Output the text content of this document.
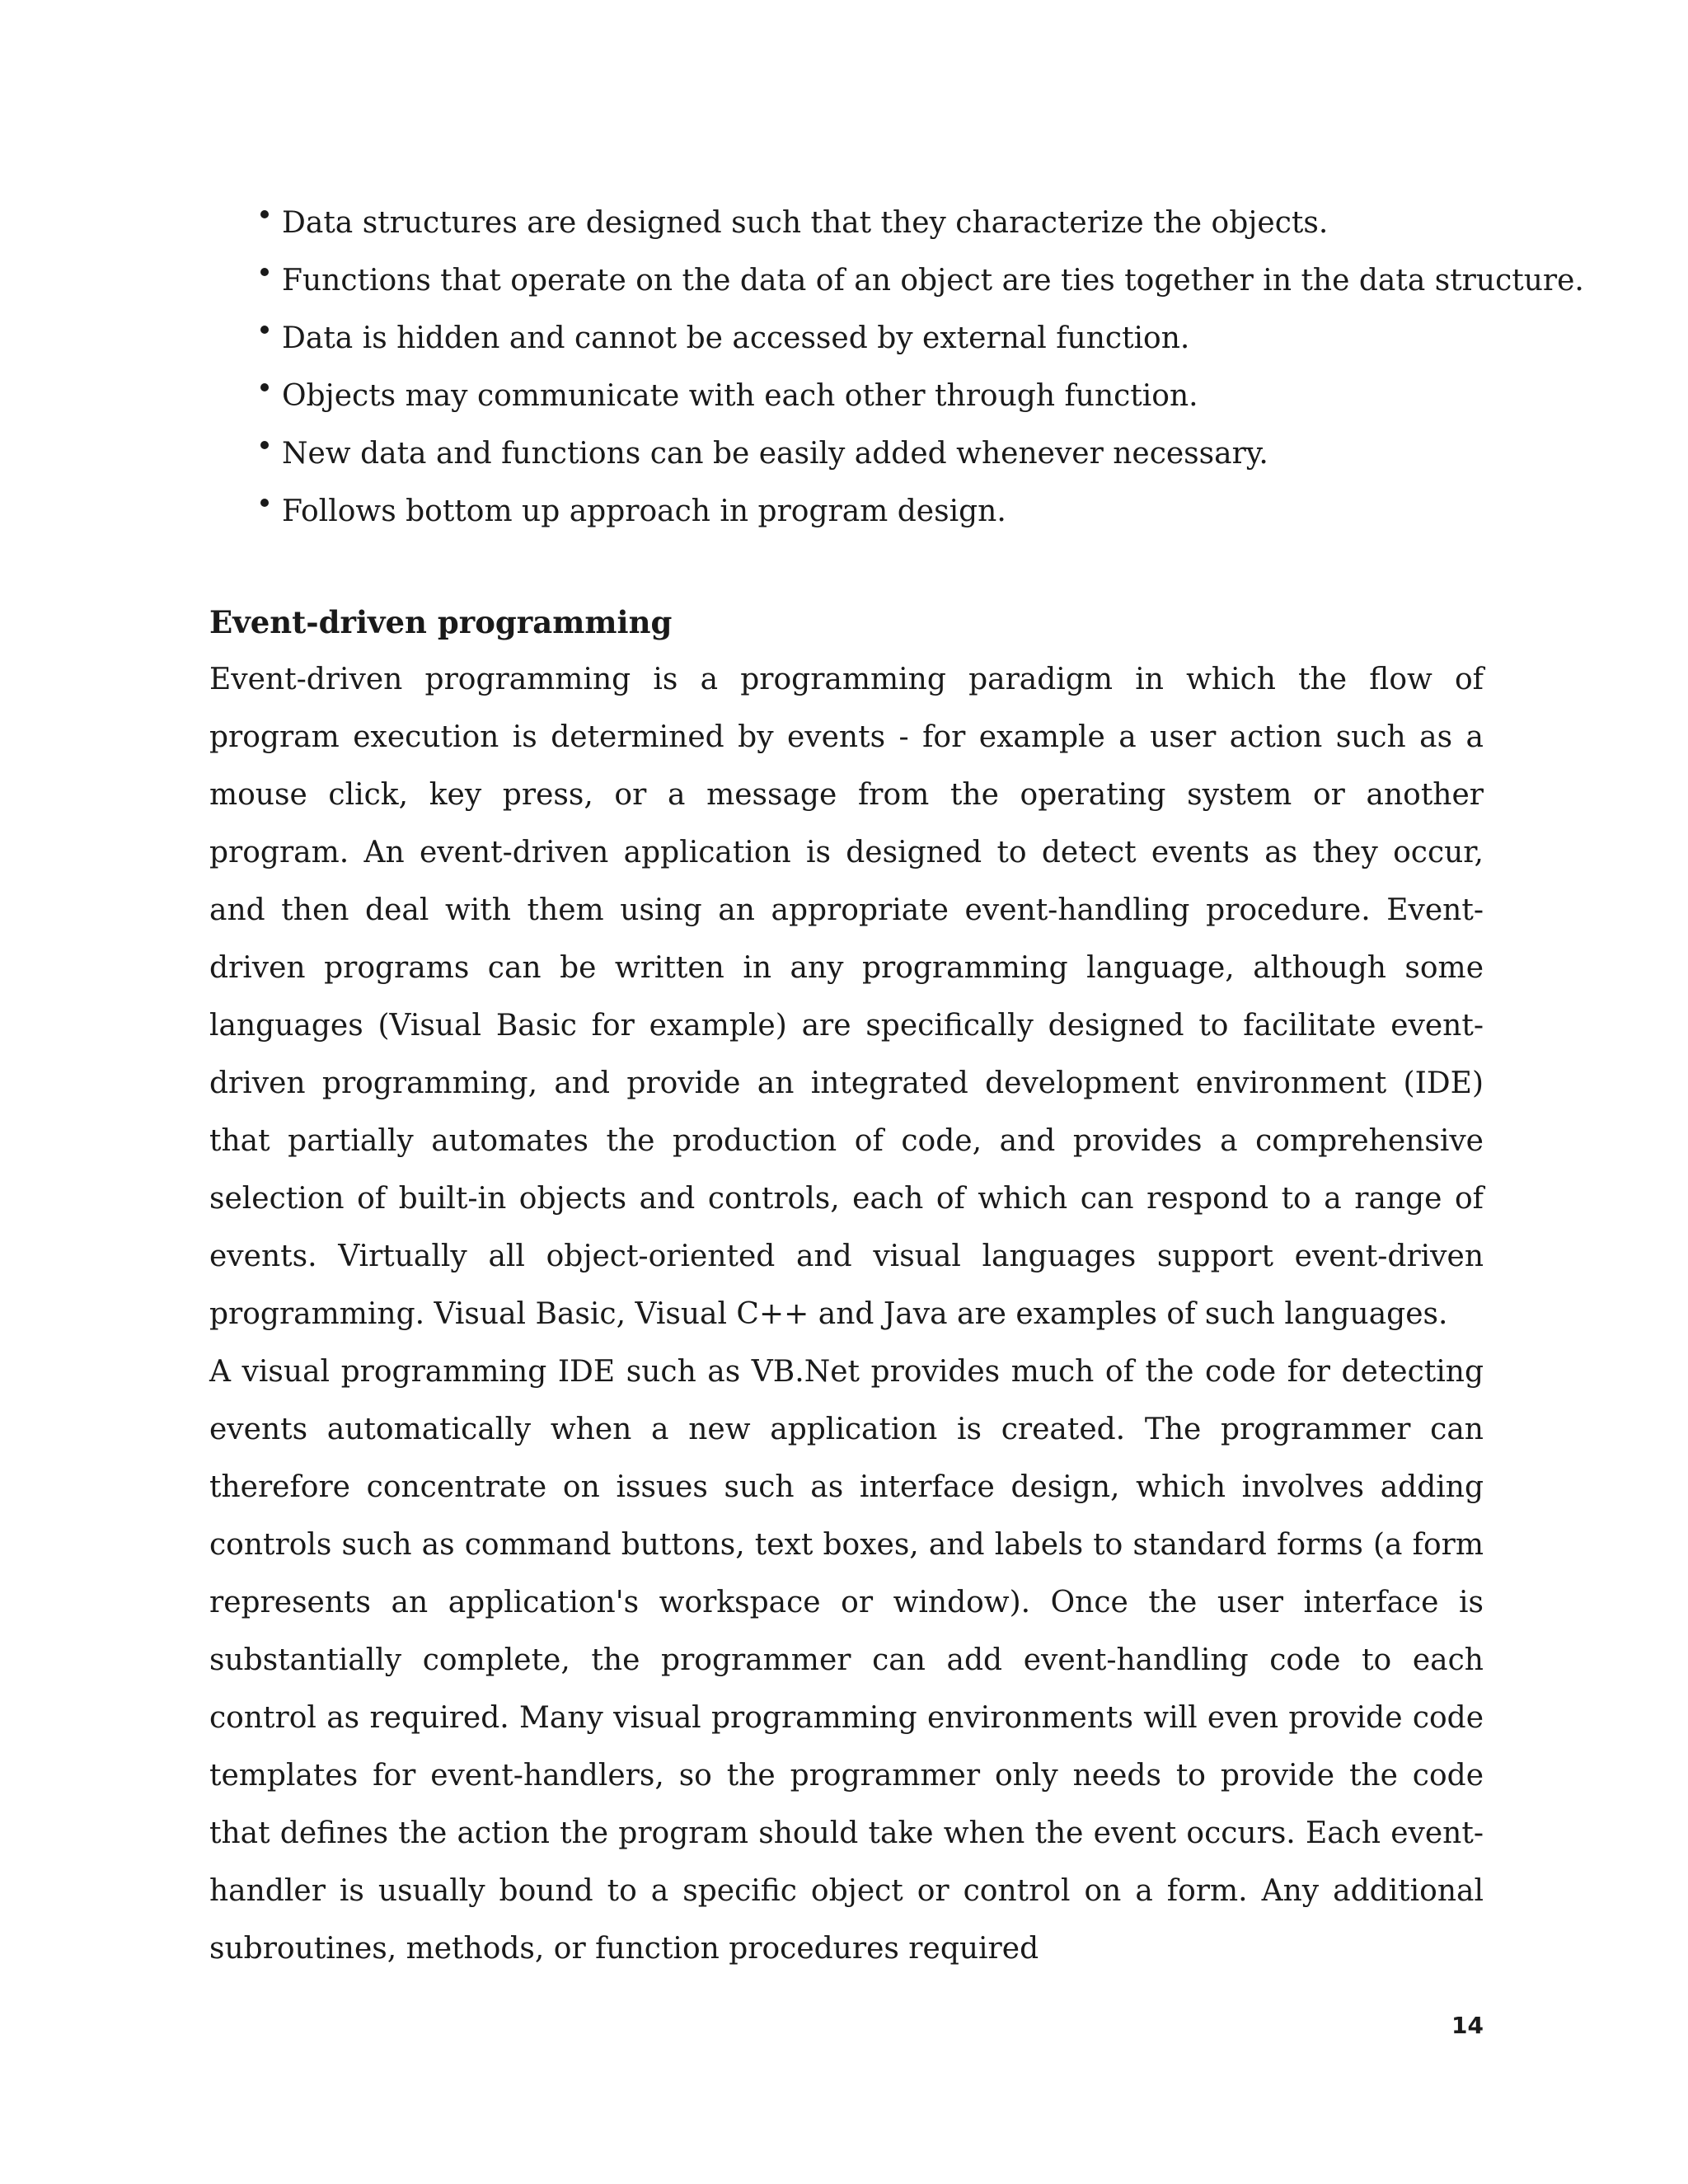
Data structures are designed such that they characterize the objects.
Functions that operate on the data of an object are ties together in the data structure.
Data is hidden and cannot be accessed by external function.
Objects may communicate with each other through function.
New data and functions can be easily added whenever necessary.
Follows bottom up approach in program design.
Event-driven programming

Event-driven programming is a programming paradigm in which the flow of program execution is determined by events - for example a user action such as a mouse click, key press, or a message from the operating system or another program. An event-driven application is designed to detect events as they occur, and then deal with them using an appropriate event-handling procedure. Event-driven programs can be written in any programming language, although some languages (Visual Basic for example) are specifically designed to facilitate event-driven programming, and provide an integrated development environment (IDE) that partially automates the production of code, and provides a comprehensive selection of built-in objects and controls, each of which can respond to a range of events. Virtually all object-oriented and visual languages support event-driven programming. Visual Basic, Visual C++ and Java are examples of such languages.

A visual programming IDE such as VB.Net provides much of the code for detecting events automatically when a new application is created. The programmer can therefore concentrate on issues such as interface design, which involves adding controls such as command buttons, text boxes, and labels to standard forms (a form represents an application's workspace or window). Once the user interface is substantially complete, the programmer can add event-handling code to each control as required. Many visual programming environments will even provide code templates for event-handlers, so the programmer only needs to provide the code that defines the action the program should take when the event occurs. Each event-handler is usually bound to a specific object or control on a form. Any additional subroutines, methods, or function procedures required

14
